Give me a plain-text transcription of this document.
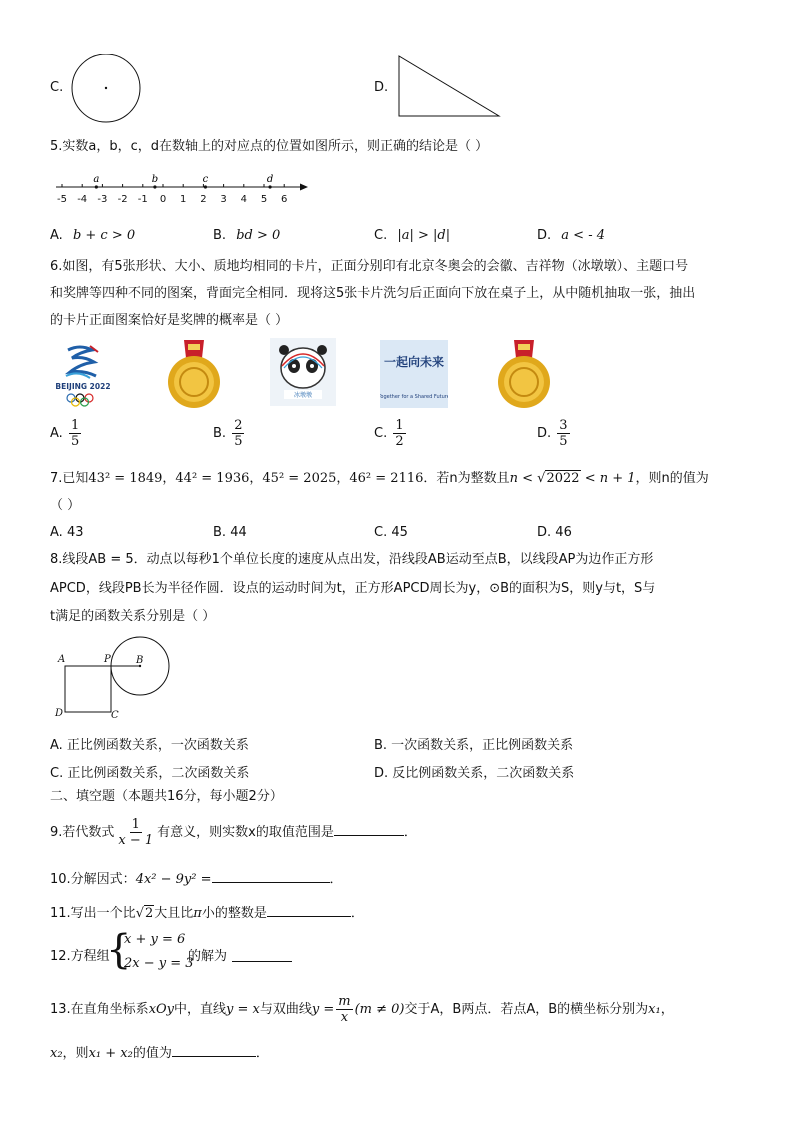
C.	D.
5.实数a，b，c，d在数轴上的对应点的位置如图所示，则正确的结论是（ ）
-5 -4 -3 -2 -1 0 1 2 3 4 5 6
a	b	c	d
A. b + c > 0	B. bd > 0	C. |a| > |d|	D. a < - 4
6.如图，有5张形状、大小、质地均相同的卡片，正面分别印有北京冬奥会的会徽、吉祥物（冰墩墩）、主题口号
和奖牌等四种不同的图案，背面完全相同．现将这5张卡片洗匀后正面向下放在桌子上，从中随机抽取一张，抽出
的卡片正面图案恰好是奖牌的概率是（ ）
BEIJING 2022
冰墩墩
一起向未来
Together for a Shared Future
A. $\frac{1}{5}$	B. $\frac{2}{5}$	C. $\frac{1}{2}$	D. $\frac{3}{5}$
7.已知43² = 1849，44² = 1936，45² = 2025，46² = 2116．若n为整数且n < √2022 < n + 1，则n的值为
（ ）
A. 43	B. 44	C. 45	D. 46
8.线段AB = 5．动点以每秒1个单位长度的速度从点出发，沿线段AB运动至点B，以线段AP为边作正方形
APCD，线段PB长为半径作圆．设点的运动时间为t，正方形APCD周长为y，⊙B的面积为S，则y与t，S与
t满足的函数关系分别是（ ）
A	P	B
D	C
A. 正比例函数关系，一次函数关系	B. 一次函数关系，正比例函数关系
C. 正比例函数关系，二次函数关系	D. 反比例函数关系，二次函数关系
二、填空题（本题共16分，每小题2分）
9.若代数式 $\frac{1}{x - 1}$ 有意义，则实数x的取值范围是	．
10.分解因式：4x² − 9y² =	．
11.写出一个比√2大且比π小的整数是	．
12.方程组
{
x + y = 6
2x − y = 3
的解为
13.在直角坐标系xOy中，直线y = x与双曲线$y = \frac{m}{x} (m \ne 0)$交于A，B两点．若点A，B的横坐标分别为x₁，
x₂，则x₁ + x₂的值为	．
